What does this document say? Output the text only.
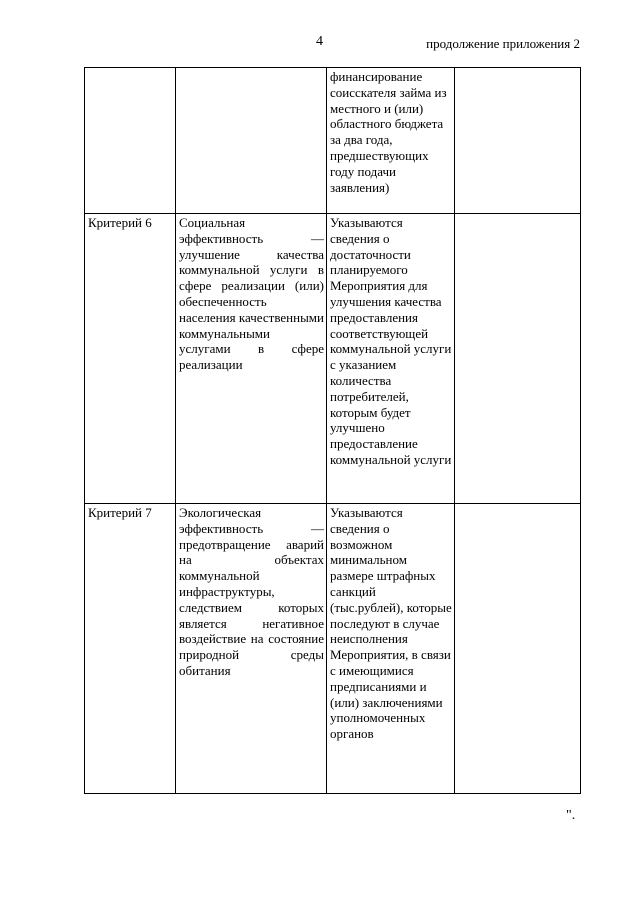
4	продолжение приложения 2
		финансирование соисскателя займа из местного и (или) областного бюджета за два года, предшествующих году подачи заявления)	
Критерий 6	Социальная эффективность — улучшение качества коммунальной услуги в сфере реализации (или) обеспеченность населения качественными коммунальными услугами в сфере реализации	Указываются сведения о достаточности планируемого Мероприятия для улучшения качества предоставления соответствующей коммунальной услуги с указанием количества потребителей, которым будет улучшено предоставление коммунальной услуги	
Критерий 7	Экологическая эффективность — предотвращение аварий на объектах коммунальной инфраструктуры, следствием которых является негативное воздействие на состояние природной среды обитания	Указываются сведения о возможном минимальном размере штрафных санкций (тыс.рублей), которые последуют в случае неисполнения Мероприятия, в связи с имеющимися предписаниями и (или) заключениями уполномоченных органов	
".
